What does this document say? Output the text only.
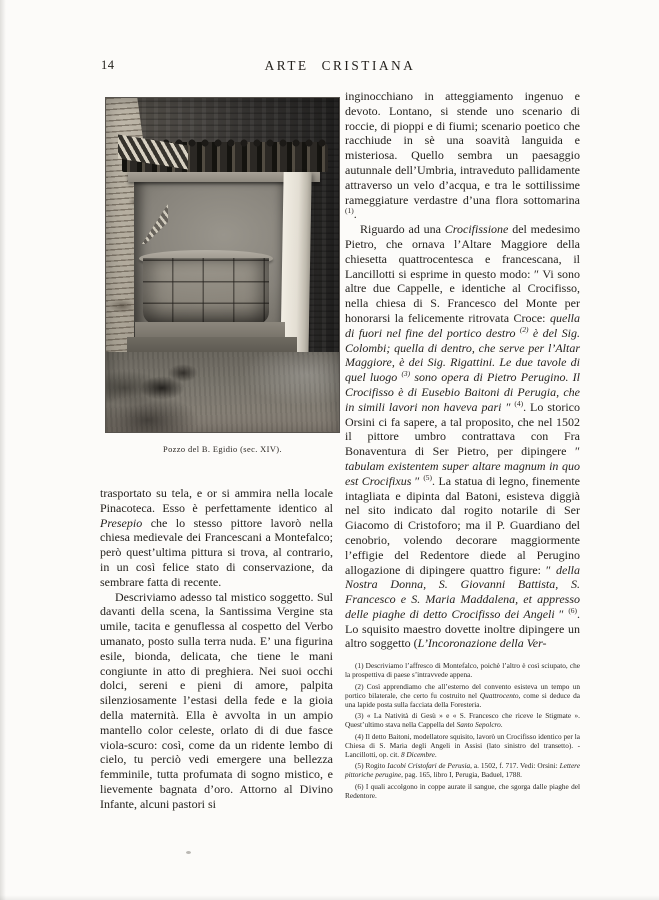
14	ARTE CRISTIANA
Pozzo del B. Egidio (sec. XIV).

trasportato su tela, e or si ammira nella locale Pinacoteca. Esso è perfettamente identico al Presepio che lo stesso pittore lavorò nella chiesa medievale dei Francescani a Montefalco; però quest’ultima pittura si trova, al contrario, in un così felice stato di conservazione, da sembrare fatta di recente.

Descriviamo adesso tal mistico soggetto. Sul davanti della scena, la Santissima Vergine sta umile, tacita e genuflessa al cospetto del Verbo umanato, posto sulla terra nuda. E’ una figurina esile, bionda, delicata, che tiene le mani congiunte in atto di preghiera. Nei suoi occhi dolci, sereni e pieni di amore, palpita silenziosamente l’estasi della fede e la gioia della maternità. Ella è avvolta in un ampio mantello color celeste, orlato di di due fasce viola-scuro: così, come da un ridente lembo di cielo, tu perciò vedi emergere una bellezza femminile, tutta profumata di sogno mistico, e lievemente bagnata d’oro. Attorno al Divino Infante, alcuni pastori si

inginocchiano in atteggiamento ingenuo e devoto. Lontano, si stende uno scenario di roccie, di pioppi e di fiumi; scenario poetico che racchiude in sè una soavità languida e misteriosa. Quello sembra un paesaggio autunnale dell’Umbria, intraveduto pallidamente attraverso un velo d’acqua, e tra le sottilissime rameggiature verdastre d’una flora sottomarina $^{(1)}$.

Riguardo ad una Crocifissione del medesimo Pietro, che ornava l’Altare Maggiore della chiesetta quattrocentesca e francescana, il Lancillotti si esprime in questo modo: ″ Vi sono altre due Cappelle, e identiche al Crocifisso, nella chiesa di S. Francesco del Monte per honorarsi la felicemente ritrovata Croce: quella di fuori nel fine del portico destro $^{(2)}$ è del Sig. Colombi; quella di dentro, che serve per l’Altar Maggiore, è dei Sig. Rigattini. Le due tavole di quel luogo $^{(3)}$ sono opera di Pietro Perugino. Il Crocifisso è di Eusebio Baitoni di Perugia, che in simili lavori non haveva pari ″ $^{(4)}$. Lo storico Orsini ci fa sapere, a tal proposito, che nel 1502 il pittore umbro contrattava con Fra Bonaventura di Ser Pietro, per dipingere ″ tabulam existentem super altare magnum in quo est Crocifixus ″ $^{(5)}$. La statua di legno, finemente intagliata e dipinta dal Batoni, esisteva diggià nel sito indicato dal rogito notarile di Ser Giacomo di Cristoforo; ma il P. Guardiano del cenobrio, volendo decorare maggiormente l’effigie del Redentore diede al Perugino allogazione di dipingere quattro figure: ″ della Nostra Donna, S. Giovanni Battista, S. Francesco e S. Maria Maddalena, et appresso delle piaghe di detto Crocifisso dei Angeli ″ $^{(6)}$. Lo squisito maestro dovette inoltre dipingere un altro soggetto (L’Incoronazione della Ver-

(1) Descriviamo l’affresco di Montefalco, poichè l’altro è così sciupato, che la prospettiva di paese s’intravvede appena.

(2) Così apprendiamo che all’esterno del convento esisteva un tempo un portico bilaterale, che certo fu costruito nel Quattrocento, come si deduce da una lapide posta sulla facciata della Foresteria.

(3) « La Natività di Gesù » e « S. Francesco che riceve le Stigmate ». Quest’ultimo stava nella Cappella del Santo Sepolcro.

(4) Il detto Baitoni, modellatore squisito, lavorò un Crocifisso identico per la Chiesa di S. Maria degli Angeli in Assisi (lato sinistro del transetto). - Lancillotti, op. cit. 8 Dicembre.

(5) Rogito Iacobi Cristofari de Perusia, a. 1502, f. 717. Vedi: Orsini: Lettere pittoriche perugine, pag. 165, libro I, Perugia, Baduel, 1788.

(6) I quali accolgono in coppe aurate il sangue, che sgorga dalle piaghe del Redentore.
